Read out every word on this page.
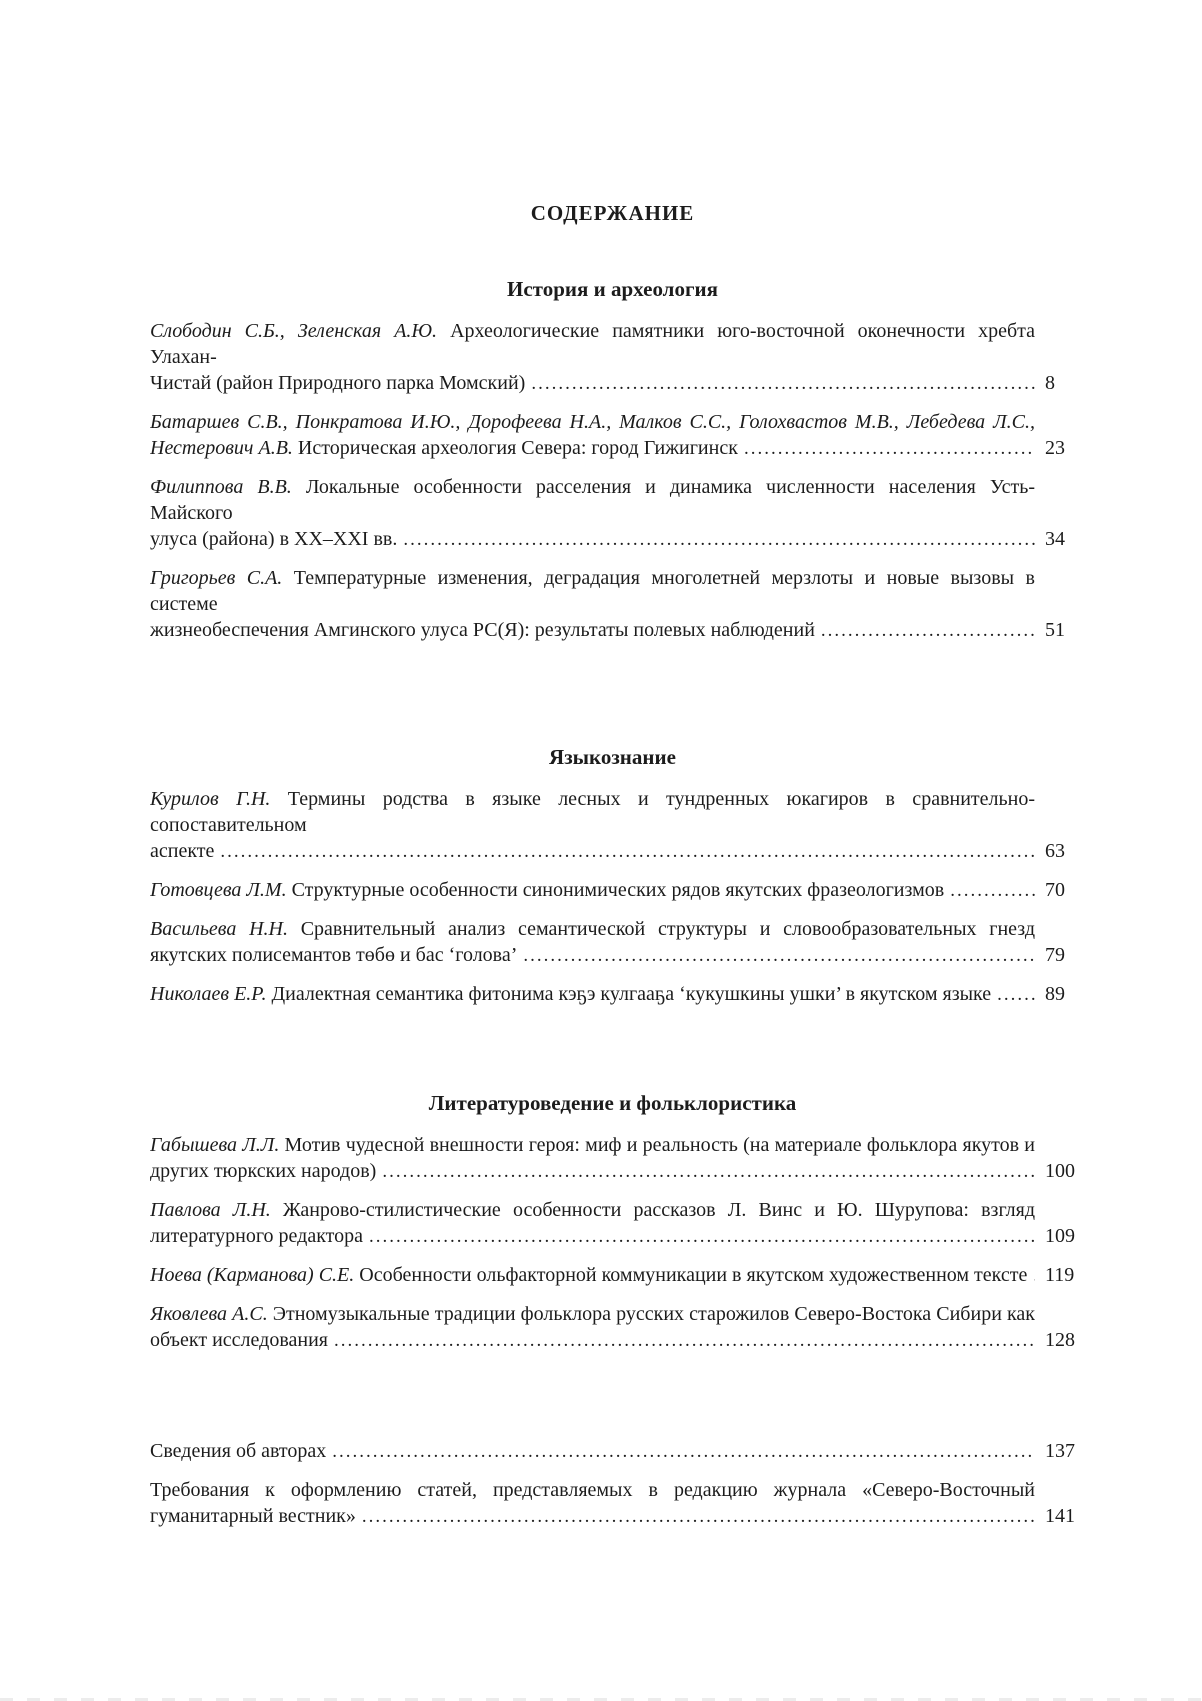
СОДЕРЖАНИЕ
История и археология
Слободин С.Б., Зеленская А.Ю. Археологические памятники юго-восточной оконечности хребта Улахан-
Чистай (район Природного парка Момский) .....	8
Батаршев С.В., Понкратова И.Ю., Дорофеева Н.А., Малков С.С., Голохвастов М.В., Лебедева Л.С.,
Нестерович А.В. Историческая археология Севера: город Гижигинск .....	23
Филиппова В.В. Локальные особенности расселения и динамика численности населения Усть-Майского
улуса (района) в XX–XXI вв. .....	34
Григорьев С.А. Температурные изменения, деградация многолетней мерзлоты и новые вызовы в системе
жизнеобеспечения Амгинского улуса РС(Я): результаты полевых наблюдений .....	51
Языкознание
Курилов Г.Н. Термины родства в языке лесных и тундренных юкагиров в сравнительно-сопоставительном
аспекте .....	63
Готовцева Л.М. Структурные особенности синонимических рядов якутских фразеологизмов .....	70
Васильева Н.Н. Сравнительный анализ семантической структуры и словообразовательных гнезд
якутских полисемантов төбө и бас ‘голова’ .....	79
Николаев Е.Р. Диалектная семантика фитонима кэҕэ кулгааҕа ‘кукушкины ушки’ в якутском языке .....	89
Литературоведение и фольклористика
Габышева Л.Л. Мотив чудесной внешности героя: миф и реальность (на материале фольклора якутов и
других тюркских народов) .....	100
Павлова Л.Н. Жанрово-стилистические особенности рассказов Л. Винс и Ю. Шурупова: взгляд
литературного редактора .....	109
Ноева (Карманова) С.Е. Особенности ольфакторной коммуникации в якутском художественном тексте ..... 119
Яковлева А.С. Этномузыкальные традиции фольклора русских старожилов Северо-Востока Сибири как
объект исследования .....	128
Сведения об авторах .....	137
Требования к оформлению статей, представляемых в редакцию журнала «Северо-Восточный
гуманитарный вестник» .....	141
